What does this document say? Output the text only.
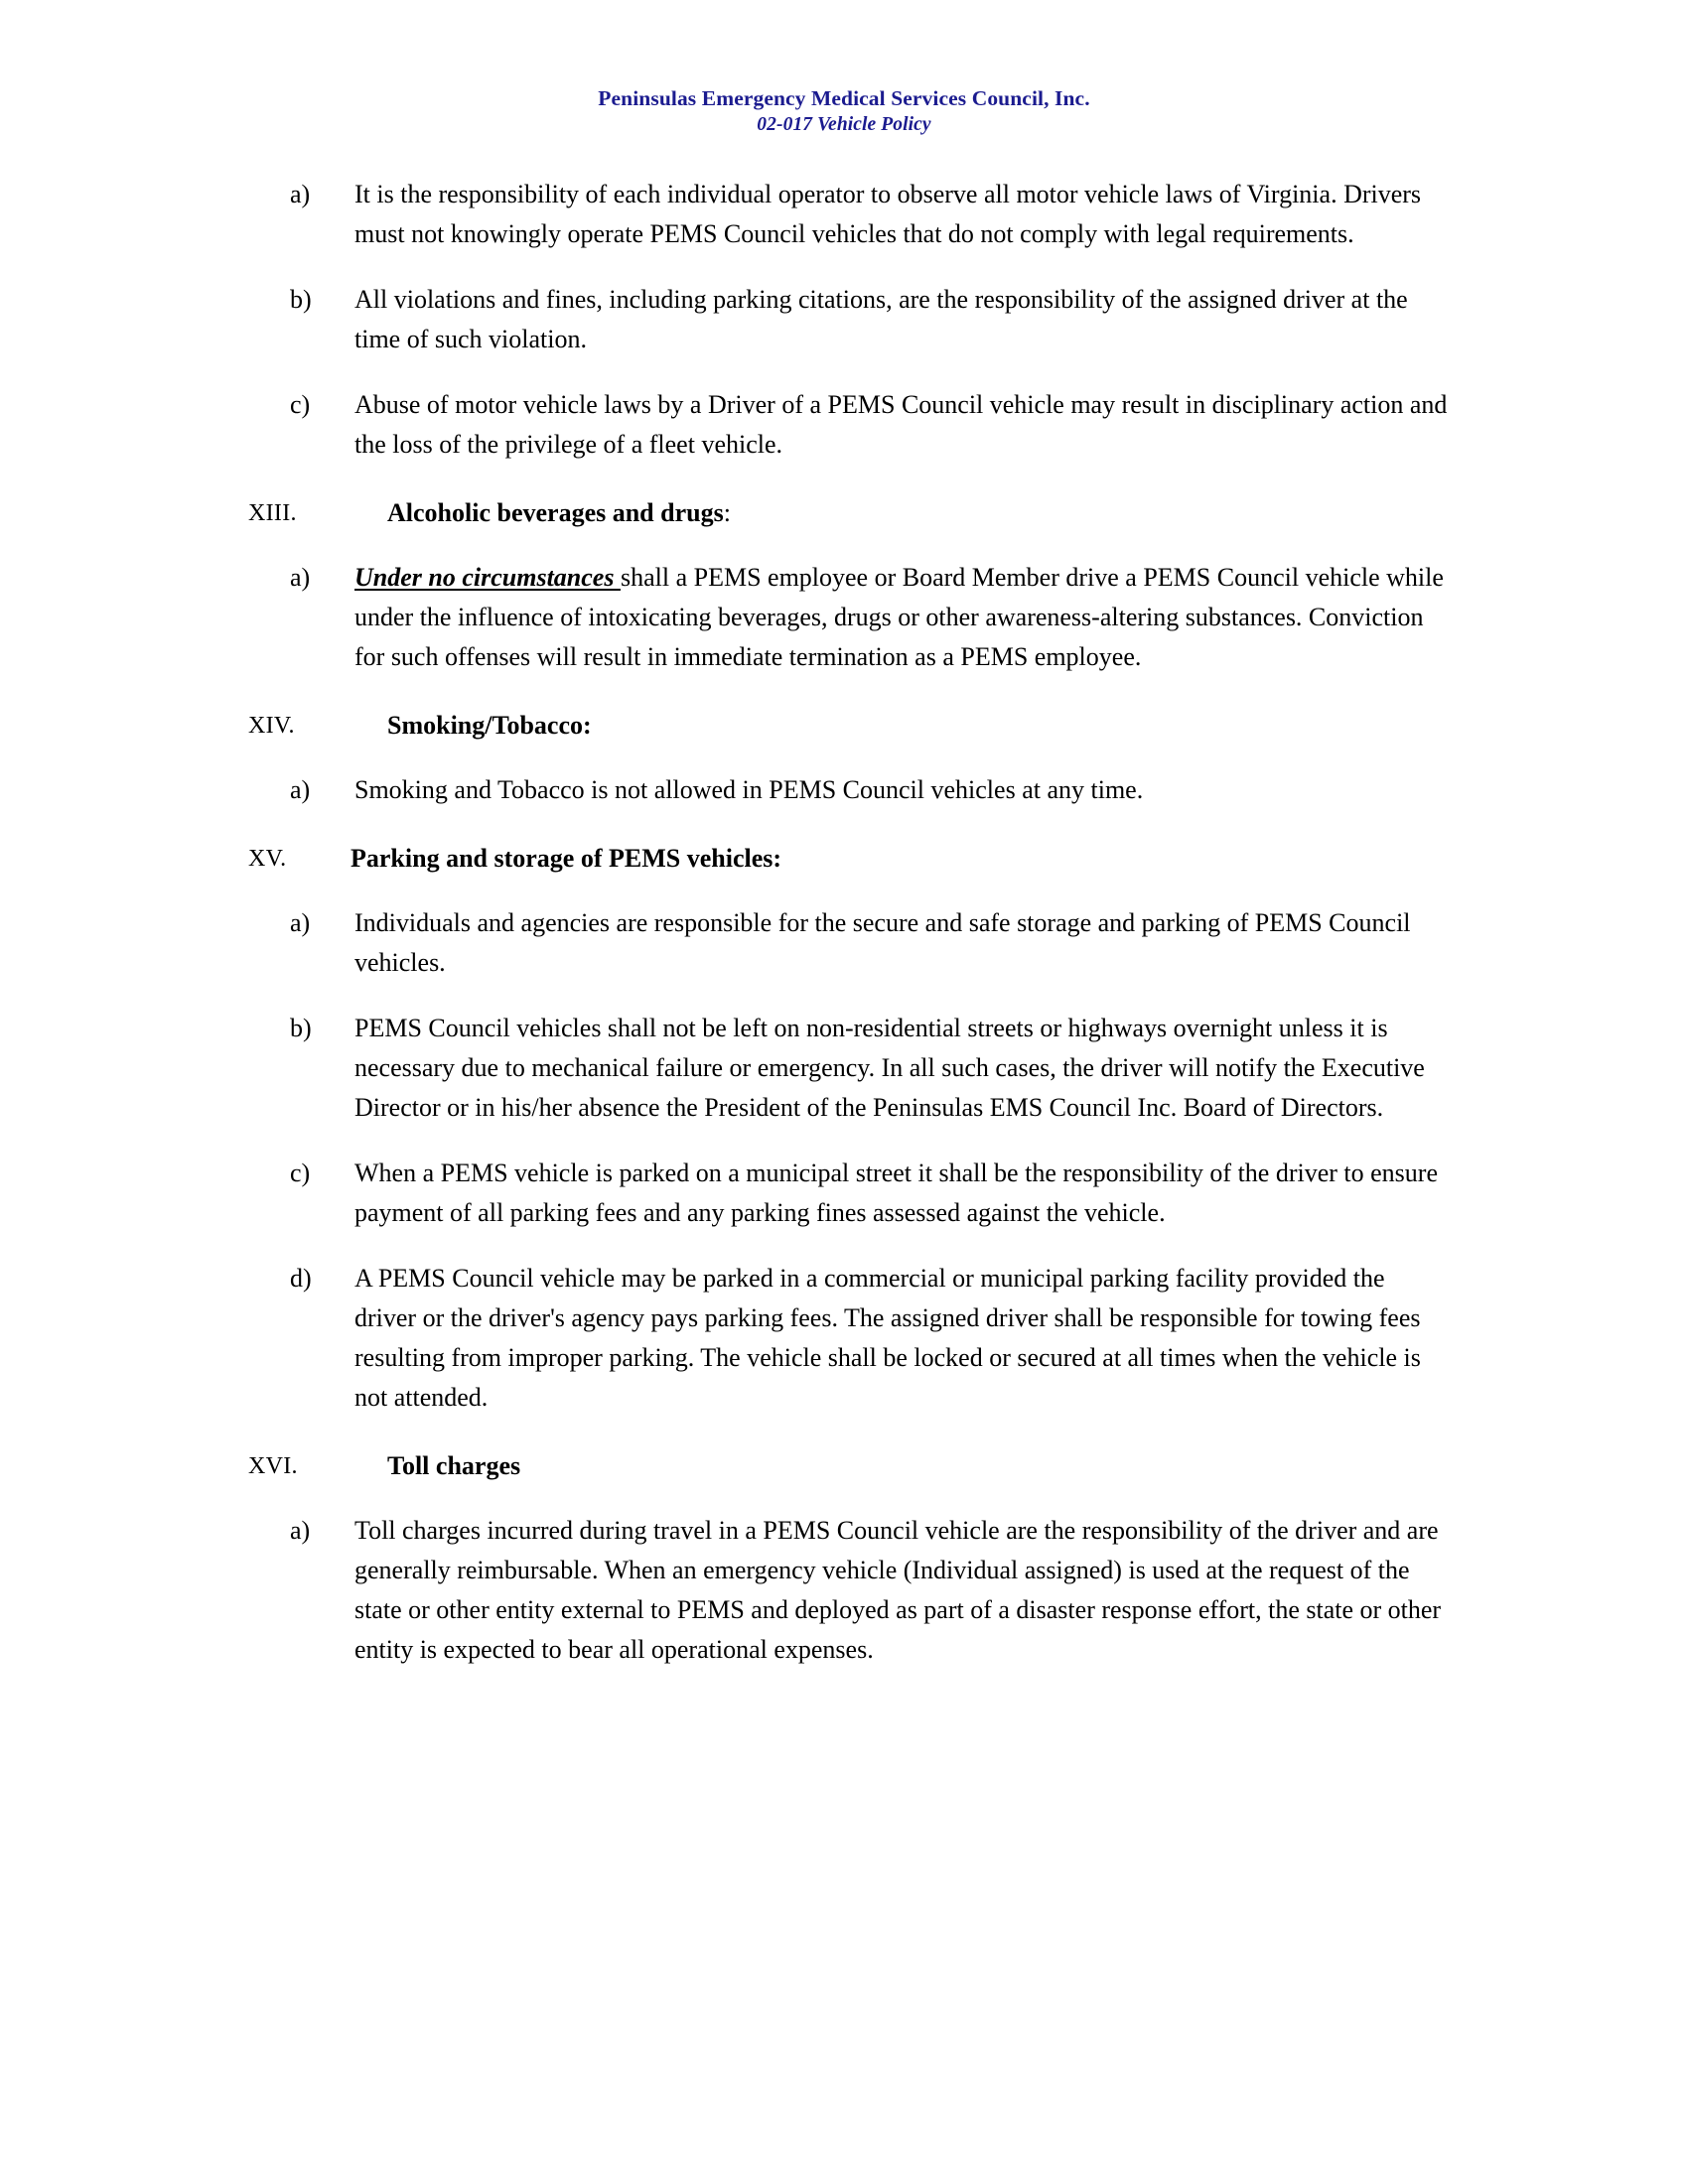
Peninsulas Emergency Medical Services Council, Inc.
02-017 Vehicle Policy
a)	It is the responsibility of each individual operator to observe all motor vehicle laws of Virginia. Drivers must not knowingly operate PEMS Council vehicles that do not comply with legal requirements.
b)	All violations and fines, including parking citations, are the responsibility of the assigned driver at the time of such violation.
c)	Abuse of motor vehicle laws by a Driver of a PEMS Council vehicle may result in disciplinary action and the loss of the privilege of a fleet vehicle.
XIII.	Alcoholic beverages and drugs:
a)	Under no circumstances shall a PEMS employee or Board Member drive a PEMS Council vehicle while under the influence of intoxicating beverages, drugs or other awareness-altering substances. Conviction for such offenses will result in immediate termination as a PEMS employee.
XIV.	Smoking/Tobacco:
a)	Smoking and Tobacco is not allowed in PEMS Council vehicles at any time.
XV. Parking and storage of PEMS vehicles:
a)	Individuals and agencies are responsible for the secure and safe storage and parking of PEMS Council vehicles.
b)	PEMS Council vehicles shall not be left on non-residential streets or highways overnight unless it is necessary due to mechanical failure or emergency. In all such cases, the driver will notify the Executive Director or in his/her absence the President of the Peninsulas EMS Council Inc. Board of Directors.
c)	When a PEMS vehicle is parked on a municipal street it shall be the responsibility of the driver to ensure payment of all parking fees and any parking fines assessed against the vehicle.
d)	A PEMS Council vehicle may be parked in a commercial or municipal parking facility provided the driver or the driver's agency pays parking fees. The assigned driver shall be responsible for towing fees resulting from improper parking. The vehicle shall be locked or secured at all times when the vehicle is not attended.
XVI.	Toll charges
a)	Toll charges incurred during travel in a PEMS Council vehicle are the responsibility of the driver and are generally reimbursable. When an emergency vehicle (Individual assigned) is used at the request of the state or other entity external to PEMS and deployed as part of a disaster response effort, the state or other entity is expected to bear all operational expenses.
